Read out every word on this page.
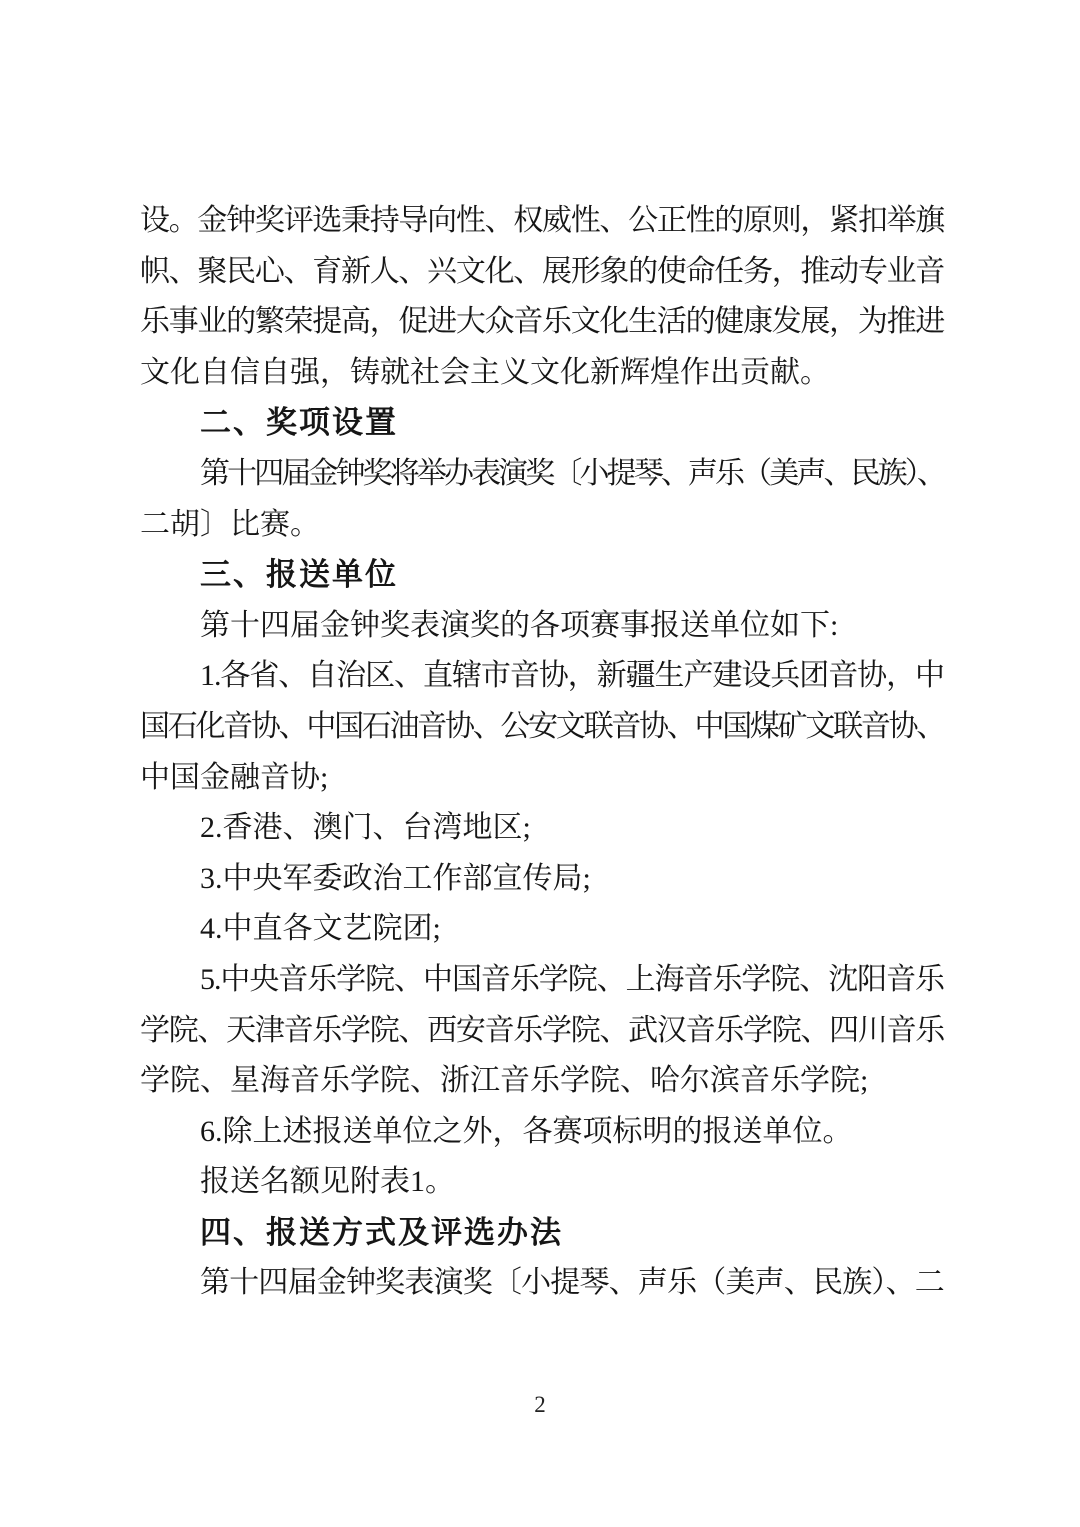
设。金钟奖评选秉持导向性、权威性、公正性的原则，紧扣举旗
帜、聚民心、育新人、兴文化、展形象的使命任务，推动专业音
乐事业的繁荣提高，促进大众音乐文化生活的健康发展，为推进
文化自信自强，铸就社会主义文化新辉煌作出贡献。
二、奖项设置
第十四届金钟奖将举办表演奖〔小提琴、声乐（美声、民族）、
二胡〕比赛。
三、报送单位
第十四届金钟奖表演奖的各项赛事报送单位如下:
1.各省、自治区、直辖市音协，新疆生产建设兵团音协，中
国石化音协、中国石油音协、公安文联音协、中国煤矿文联音协、
中国金融音协;
2.香港、澳门、台湾地区;
3.中央军委政治工作部宣传局;
4.中直各文艺院团;
5.中央音乐学院、中国音乐学院、上海音乐学院、沈阳音乐
学院、天津音乐学院、西安音乐学院、武汉音乐学院、四川音乐
学院、星海音乐学院、浙江音乐学院、哈尔滨音乐学院;
6.除上述报送单位之外，各赛项标明的报送单位。
报送名额见附表1。
四、报送方式及评选办法
第十四届金钟奖表演奖〔小提琴、声乐（美声、民族）、二
2
